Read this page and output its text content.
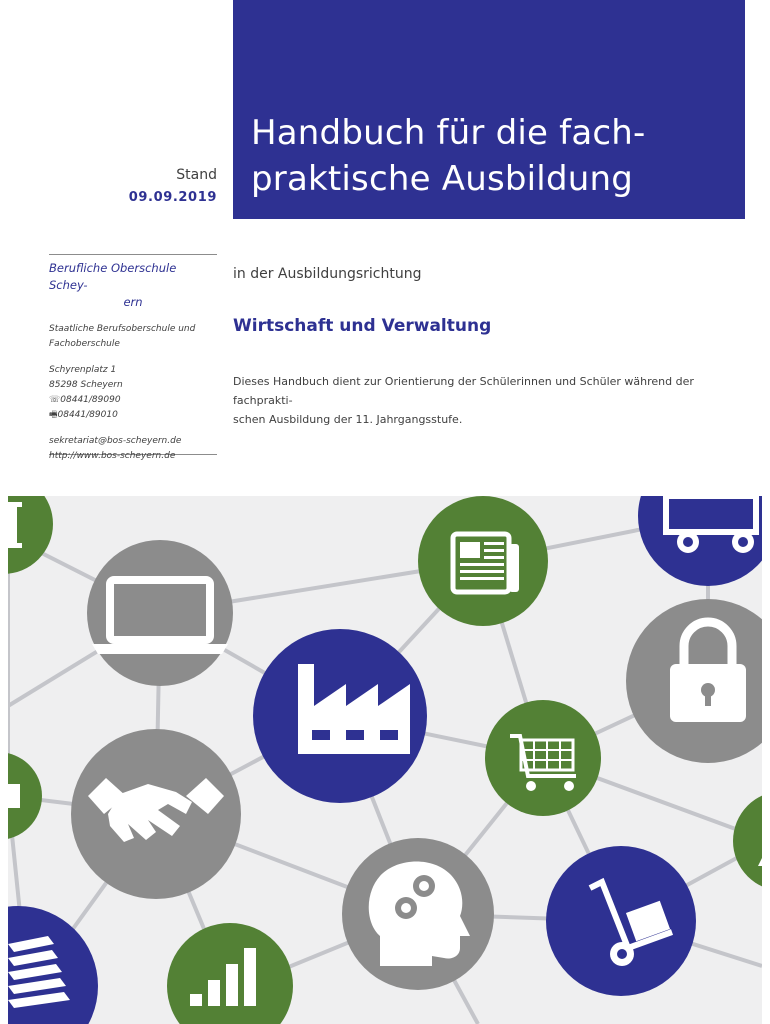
Handbuch für die fach-
praktische Ausbildung
Stand
09.09.2019
Berufliche Oberschule Schey-
ern
Staatliche Berufsoberschule und
Fachoberschule
Schyrenplatz 1
85298 Scheyern
☏08441/89090
🖷08441/89010
sekretariat@bos-scheyern.de
http://www.bos-scheyern.de
in der Ausbildungsrichtung
Wirtschaft und Verwaltung
Dieses Handbuch dient zur Orientierung der Schülerinnen und Schüler während der fachprakti-
schen Ausbildung der 11. Jahrgangsstufe.
